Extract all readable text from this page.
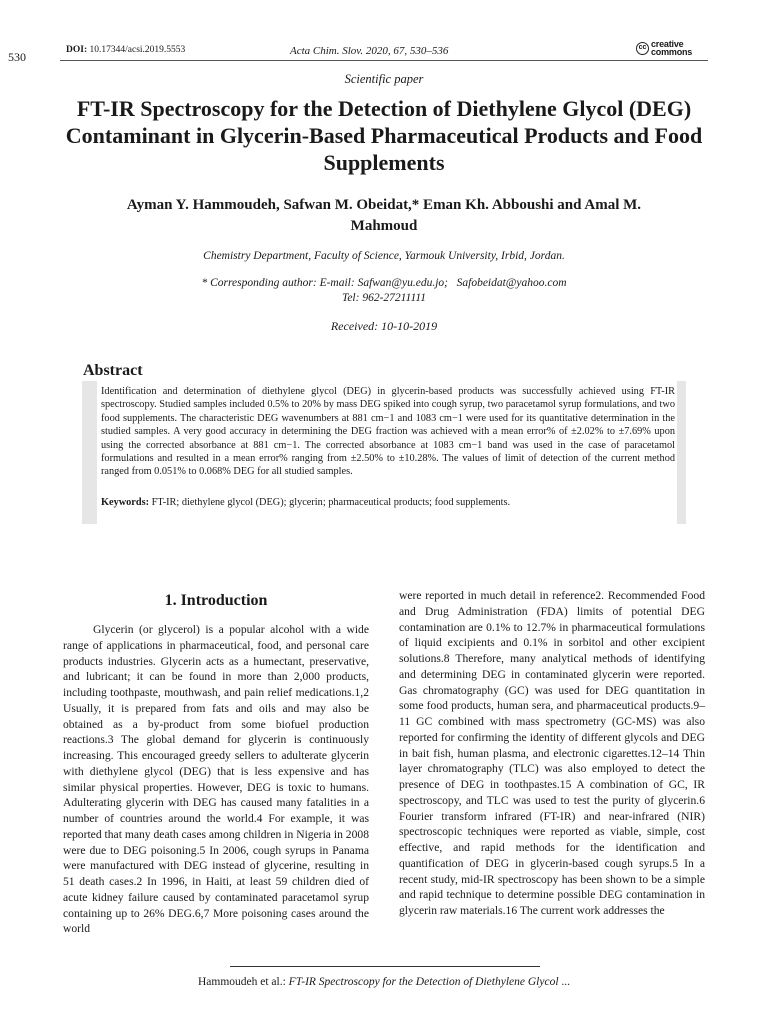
530	DOI: 10.17344/acsi.2019.5553	Acta Chim. Slov. 2020, 67, 530–536	cc creative commons
Scientific paper
FT-IR Spectroscopy for the Detection of Diethylene Glycol (DEG) Contaminant in Glycerin-Based Pharmaceutical Products and Food Supplements
Ayman Y. Hammoudeh, Safwan M. Obeidat,* Eman Kh. Abboushi and Amal M. Mahmoud
Chemistry Department, Faculty of Science, Yarmouk University, Irbid, Jordan.
* Corresponding author: E-mail: Safwan@yu.edu.jo;   Safobeidat@yahoo.com
Tel: 962-27211111
Received: 10-10-2019
Abstract
Identification and determination of diethylene glycol (DEG) in glycerin-based products was successfully achieved using FT-IR spectroscopy. Studied samples included 0.5% to 20% by mass DEG spiked into cough syrup, two paracetamol syrup formulations, and two food supplements. The characteristic DEG wavenumbers at 881 cm−1 and 1083 cm−1 were used for its quantitative determination in the studied samples. A very good accuracy in determining the DEG fraction was achieved with a mean error% of ±2.02% to ±7.69% upon using the corrected absorbance at 881 cm−1. The corrected absorbance at 1083 cm−1 band was used in the case of paracetamol formulations and resulted in a mean error% ranging from ±2.50% to ±10.28%. The values of limit of detection of the current method ranged from 0.051% to 0.068% DEG for all studied samples.
Keywords: FT-IR; diethylene glycol (DEG); glycerin; pharmaceutical products; food supplements.
1. Introduction
Glycerin (or glycerol) is a popular alcohol with a wide range of applications in pharmaceutical, food, and personal care products industries. Glycerin acts as a humectant, preservative, and lubricant; it can be found in more than 2,000 products, including toothpaste, mouthwash, and pain relief medications.1,2 Usually, it is prepared from fats and oils and may also be obtained as a by-product from some biofuel production reactions.3 The global demand for glycerin is continuously increasing. This encouraged greedy sellers to adulterate glycerin with diethylene glycol (DEG) that is less expensive and has similar physical properties. However, DEG is toxic to humans. Adulterating glycerin with DEG has caused many fatalities in a number of countries around the world.4 For example, it was reported that many death cases among children in Nigeria in 2008 were due to DEG poisoning.5 In 2006, cough syrups in Panama were manufactured with DEG instead of glycerine, resulting in 51 death cases.2 In 1996, in Haiti, at least 59 children died of acute kidney failure caused by contaminated paracetamol syrup containing up to 26% DEG.6,7 More poisoning cases around the world
were reported in much detail in reference2. Recommended Food and Drug Administration (FDA) limits of potential DEG contamination are 0.1% to 12.7% in pharmaceutical formulations of liquid excipients and 0.1% in sorbitol and other excipient solutions.8 Therefore, many analytical methods of identifying and determining DEG in contaminated glycerin were reported. Gas chromatography (GC) was used for DEG quantitation in some food products, human sera, and pharmaceutical products.9–11 GC combined with mass spectrometry (GC-MS) was also reported for confirming the identity of different glycols and DEG in bait fish, human plasma, and electronic cigarettes.12–14 Thin layer chromatography (TLC) was also employed to detect the presence of DEG in toothpastes.15 A combination of GC, IR spectroscopy, and TLC was used to test the purity of glycerin.6 Fourier transform infrared (FT-IR) and near-infrared (NIR) spectroscopic techniques were reported as viable, simple, cost effective, and rapid methods for the identification and quantification of DEG in glycerin-based cough syrups.5 In a recent study, mid-IR spectroscopy has been shown to be a simple and rapid technique to determine possible DEG contamination in glycerin raw materials.16 The current work addresses the
Hammoudeh et al.: FT-IR Spectroscopy for the Detection of Diethylene Glycol ...
